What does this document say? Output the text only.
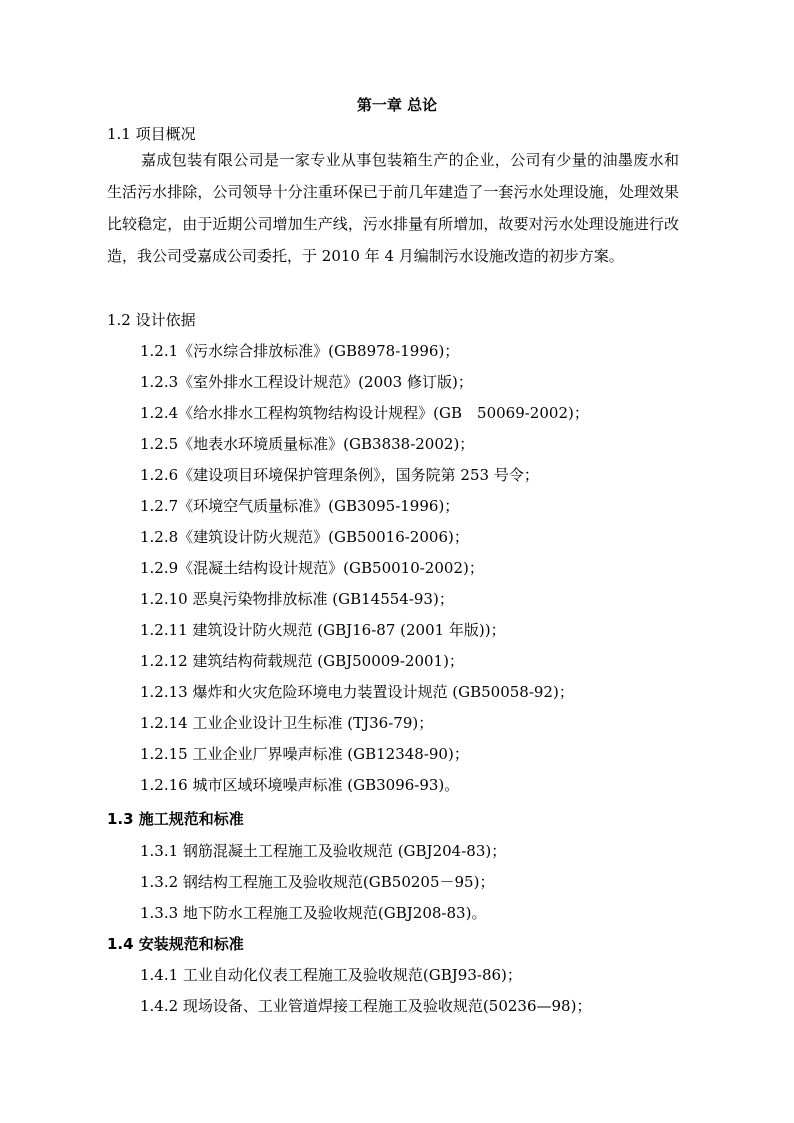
第一章 总论
1.1 项目概况
嘉成包装有限公司是一家专业从事包装箱生产的企业，公司有少量的油墨废水和生活污水排除，公司领导十分注重环保已于前几年建造了一套污水处理设施，处理效果比较稳定，由于近期公司增加生产线，污水排量有所增加，故要对污水处理设施进行改造，我公司受嘉成公司委托，于 2010 年 4 月编制污水设施改造的初步方案。
1.2 设计依据
1.2.1《污水综合排放标准》(GB8978-1996)；
1.2.3《室外排水工程设计规范》(2003 修订版)；
1.2.4《给水排水工程构筑物结构设计规程》(GB　50069-2002)；
1.2.5《地表水环境质量标准》(GB3838-2002)；
1.2.6《建设项目环境保护管理条例》，国务院第 253 号令；
1.2.7《环境空气质量标准》(GB3095-1996)；
1.2.8《建筑设计防火规范》(GB50016-2006)；
1.2.9《混凝土结构设计规范》(GB50010-2002)；
1.2.10 恶臭污染物排放标准 (GB14554-93)；
1.2.11 建筑设计防火规范 (GBJ16-87 (2001 年版))；
1.2.12 建筑结构荷载规范 (GBJ50009-2001)；
1.2.13 爆炸和火灾危险环境电力装置设计规范 (GB50058-92)；
1.2.14 工业企业设计卫生标准 (TJ36-79)；
1.2.15 工业企业厂界噪声标准 (GB12348-90)；
1.2.16 城市区域环境噪声标准 (GB3096-93)。
1.3 施工规范和标准
1.3.1 钢筋混凝土工程施工及验收规范 (GBJ204-83)；
1.3.2 钢结构工程施工及验收规范(GB50205－95)；
1.3.3 地下防水工程施工及验收规范(GBJ208-83)。
1.4 安装规范和标准
1.4.1 工业自动化仪表工程施工及验收规范(GBJ93-86)；
1.4.2 现场设备、工业管道焊接工程施工及验收规范(50236—98)；
